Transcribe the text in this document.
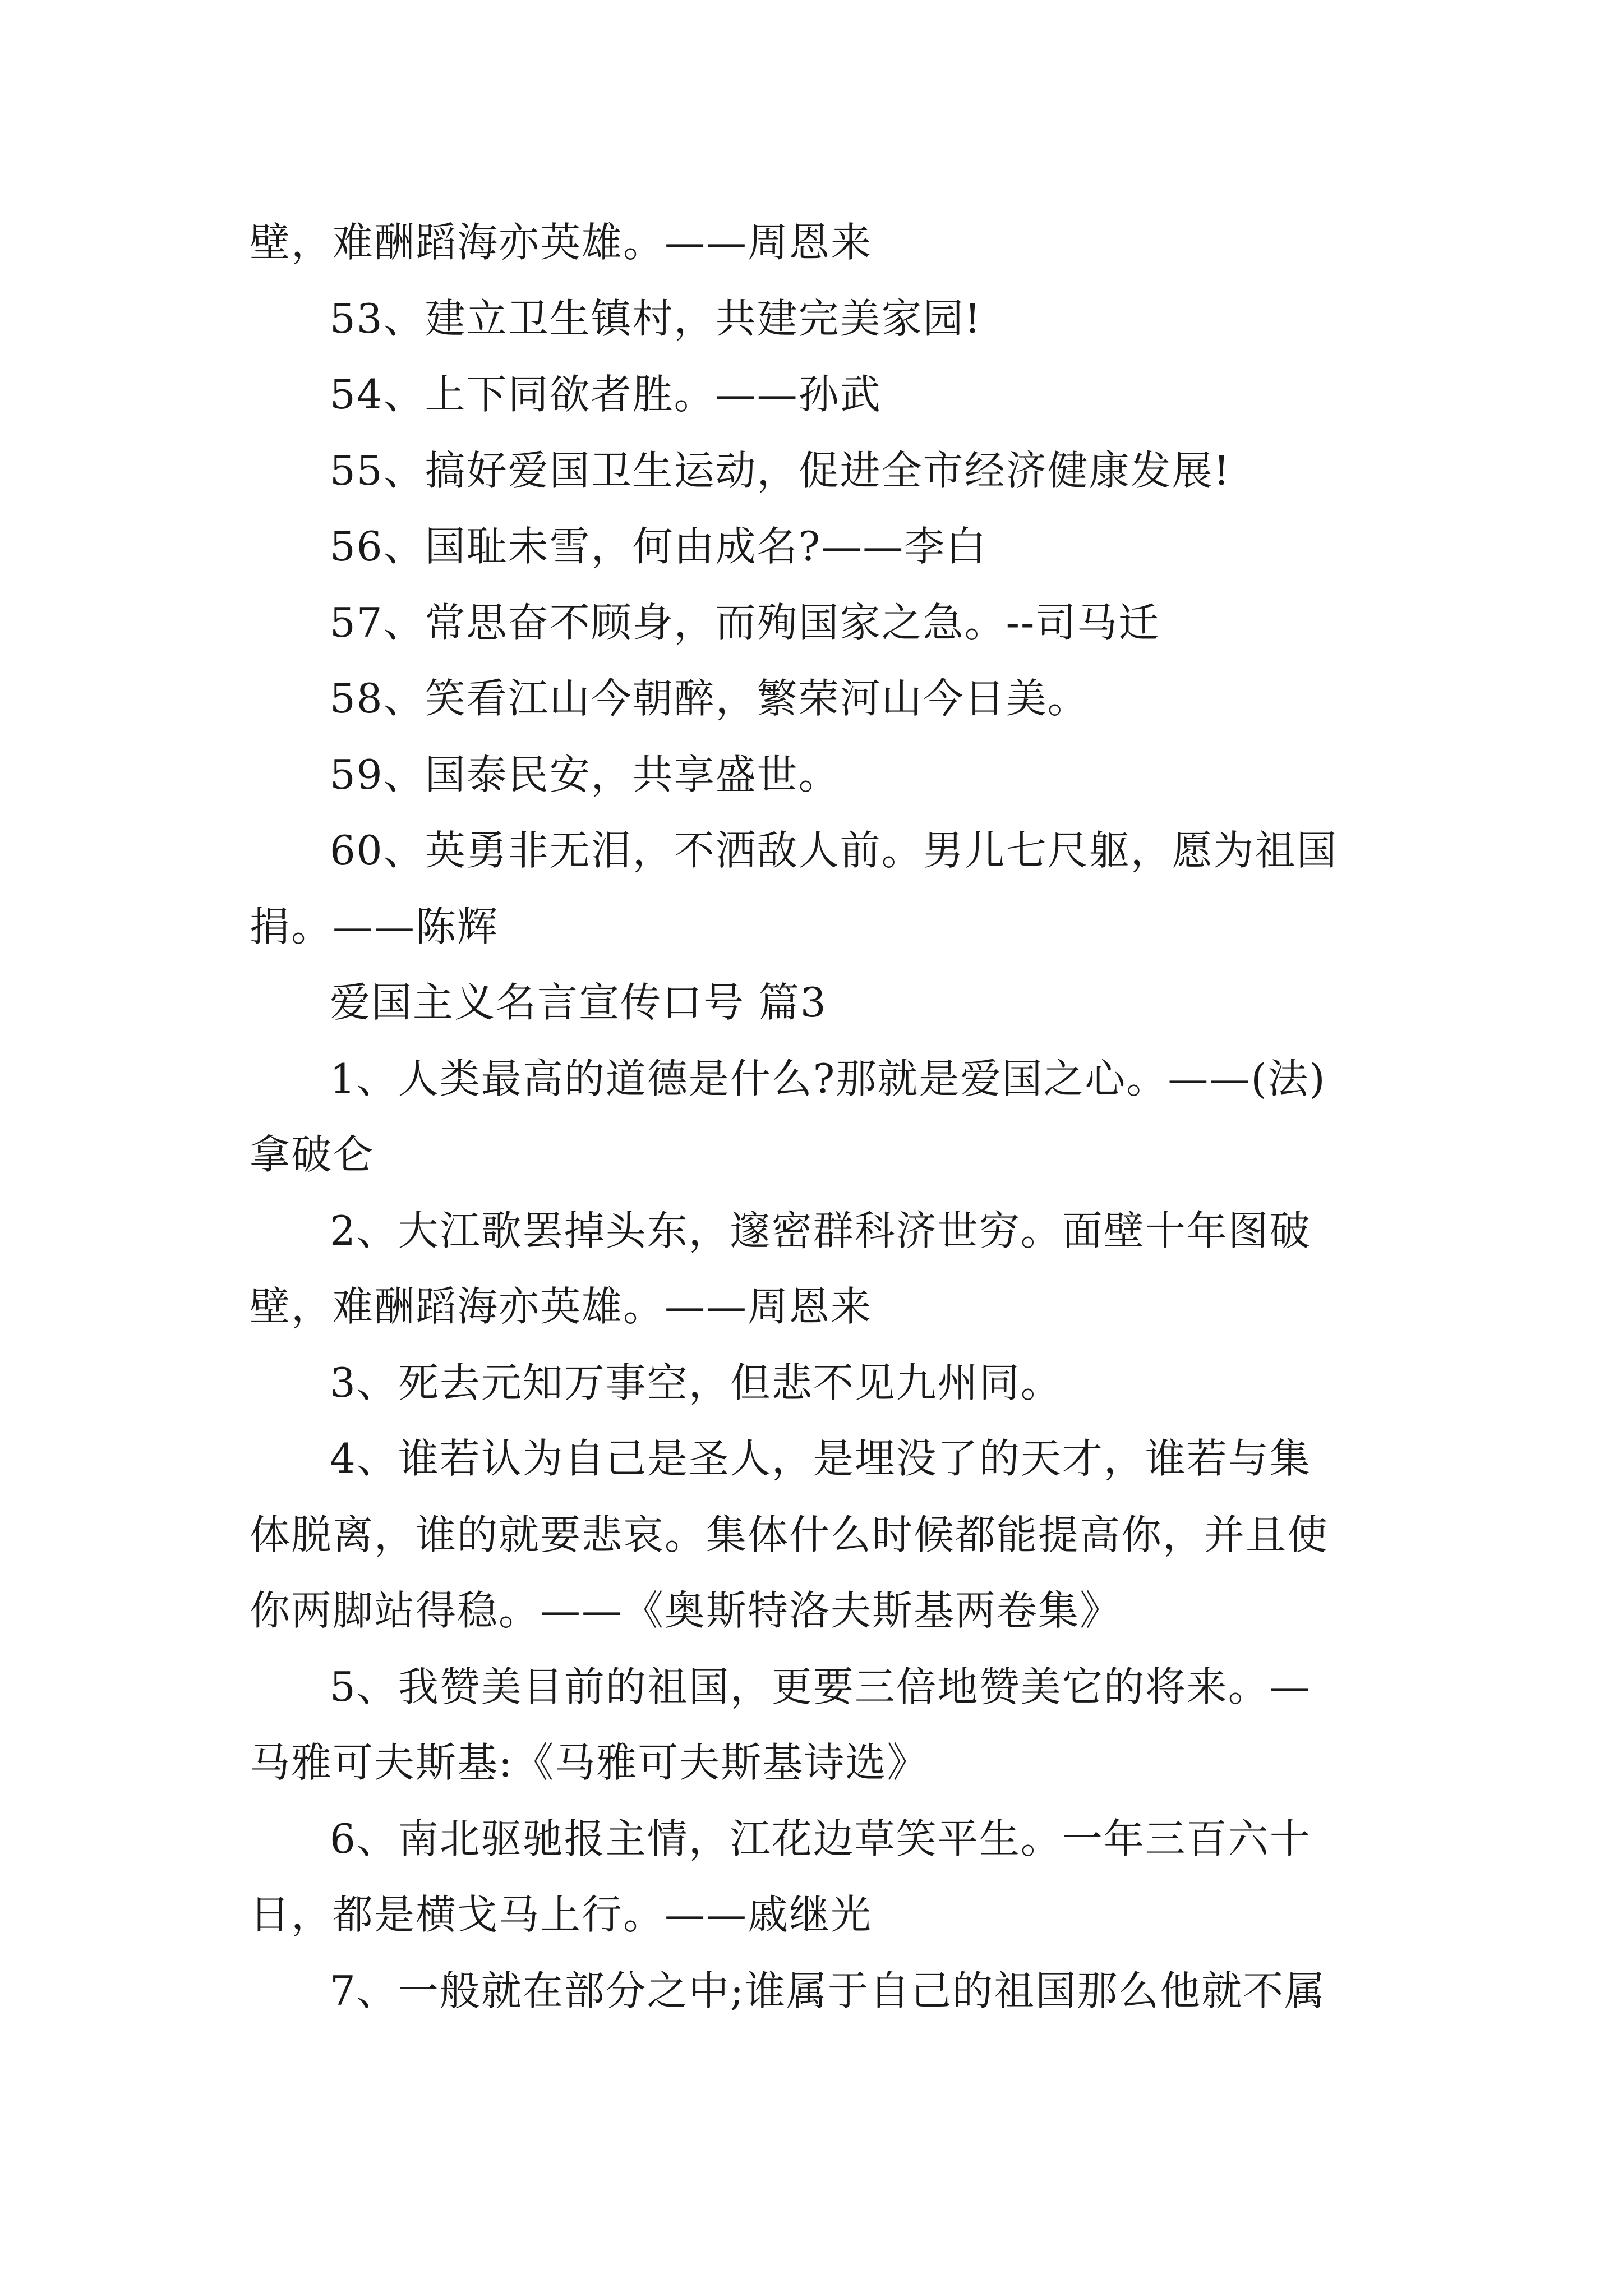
壁，难酬蹈海亦英雄。——周恩来
53、建立卫生镇村，共建完美家园!
54、上下同欲者胜。——孙武
55、搞好爱国卫生运动，促进全市经济健康发展!
56、国耻未雪，何由成名?——李白
57、常思奋不顾身，而殉国家之急。--司马迁
58、笑看江山今朝醉，繁荣河山今日美。
59、国泰民安，共享盛世。
60、英勇非无泪，不洒敌人前。男儿七尺躯，愿为祖国
捐。——陈辉
爱国主义名言宣传口号 篇3
1、人类最高的道德是什么?那就是爱国之心。——(法)
拿破仑
2、大江歌罢掉头东，邃密群科济世穷。面壁十年图破
壁，难酬蹈海亦英雄。——周恩来
3、死去元知万事空，但悲不见九州同。
4、谁若认为自己是圣人，是埋没了的天才，谁若与集
体脱离，谁的就要悲哀。集体什么时候都能提高你，并且使
你两脚站得稳。——《奥斯特洛夫斯基两卷集》
5、我赞美目前的祖国，更要三倍地赞美它的将来。—
马雅可夫斯基:《马雅可夫斯基诗选》
6、南北驱驰报主情，江花边草笑平生。一年三百六十
日，都是横戈马上行。——戚继光
7、一般就在部分之中;谁属于自己的祖国那么他就不属
